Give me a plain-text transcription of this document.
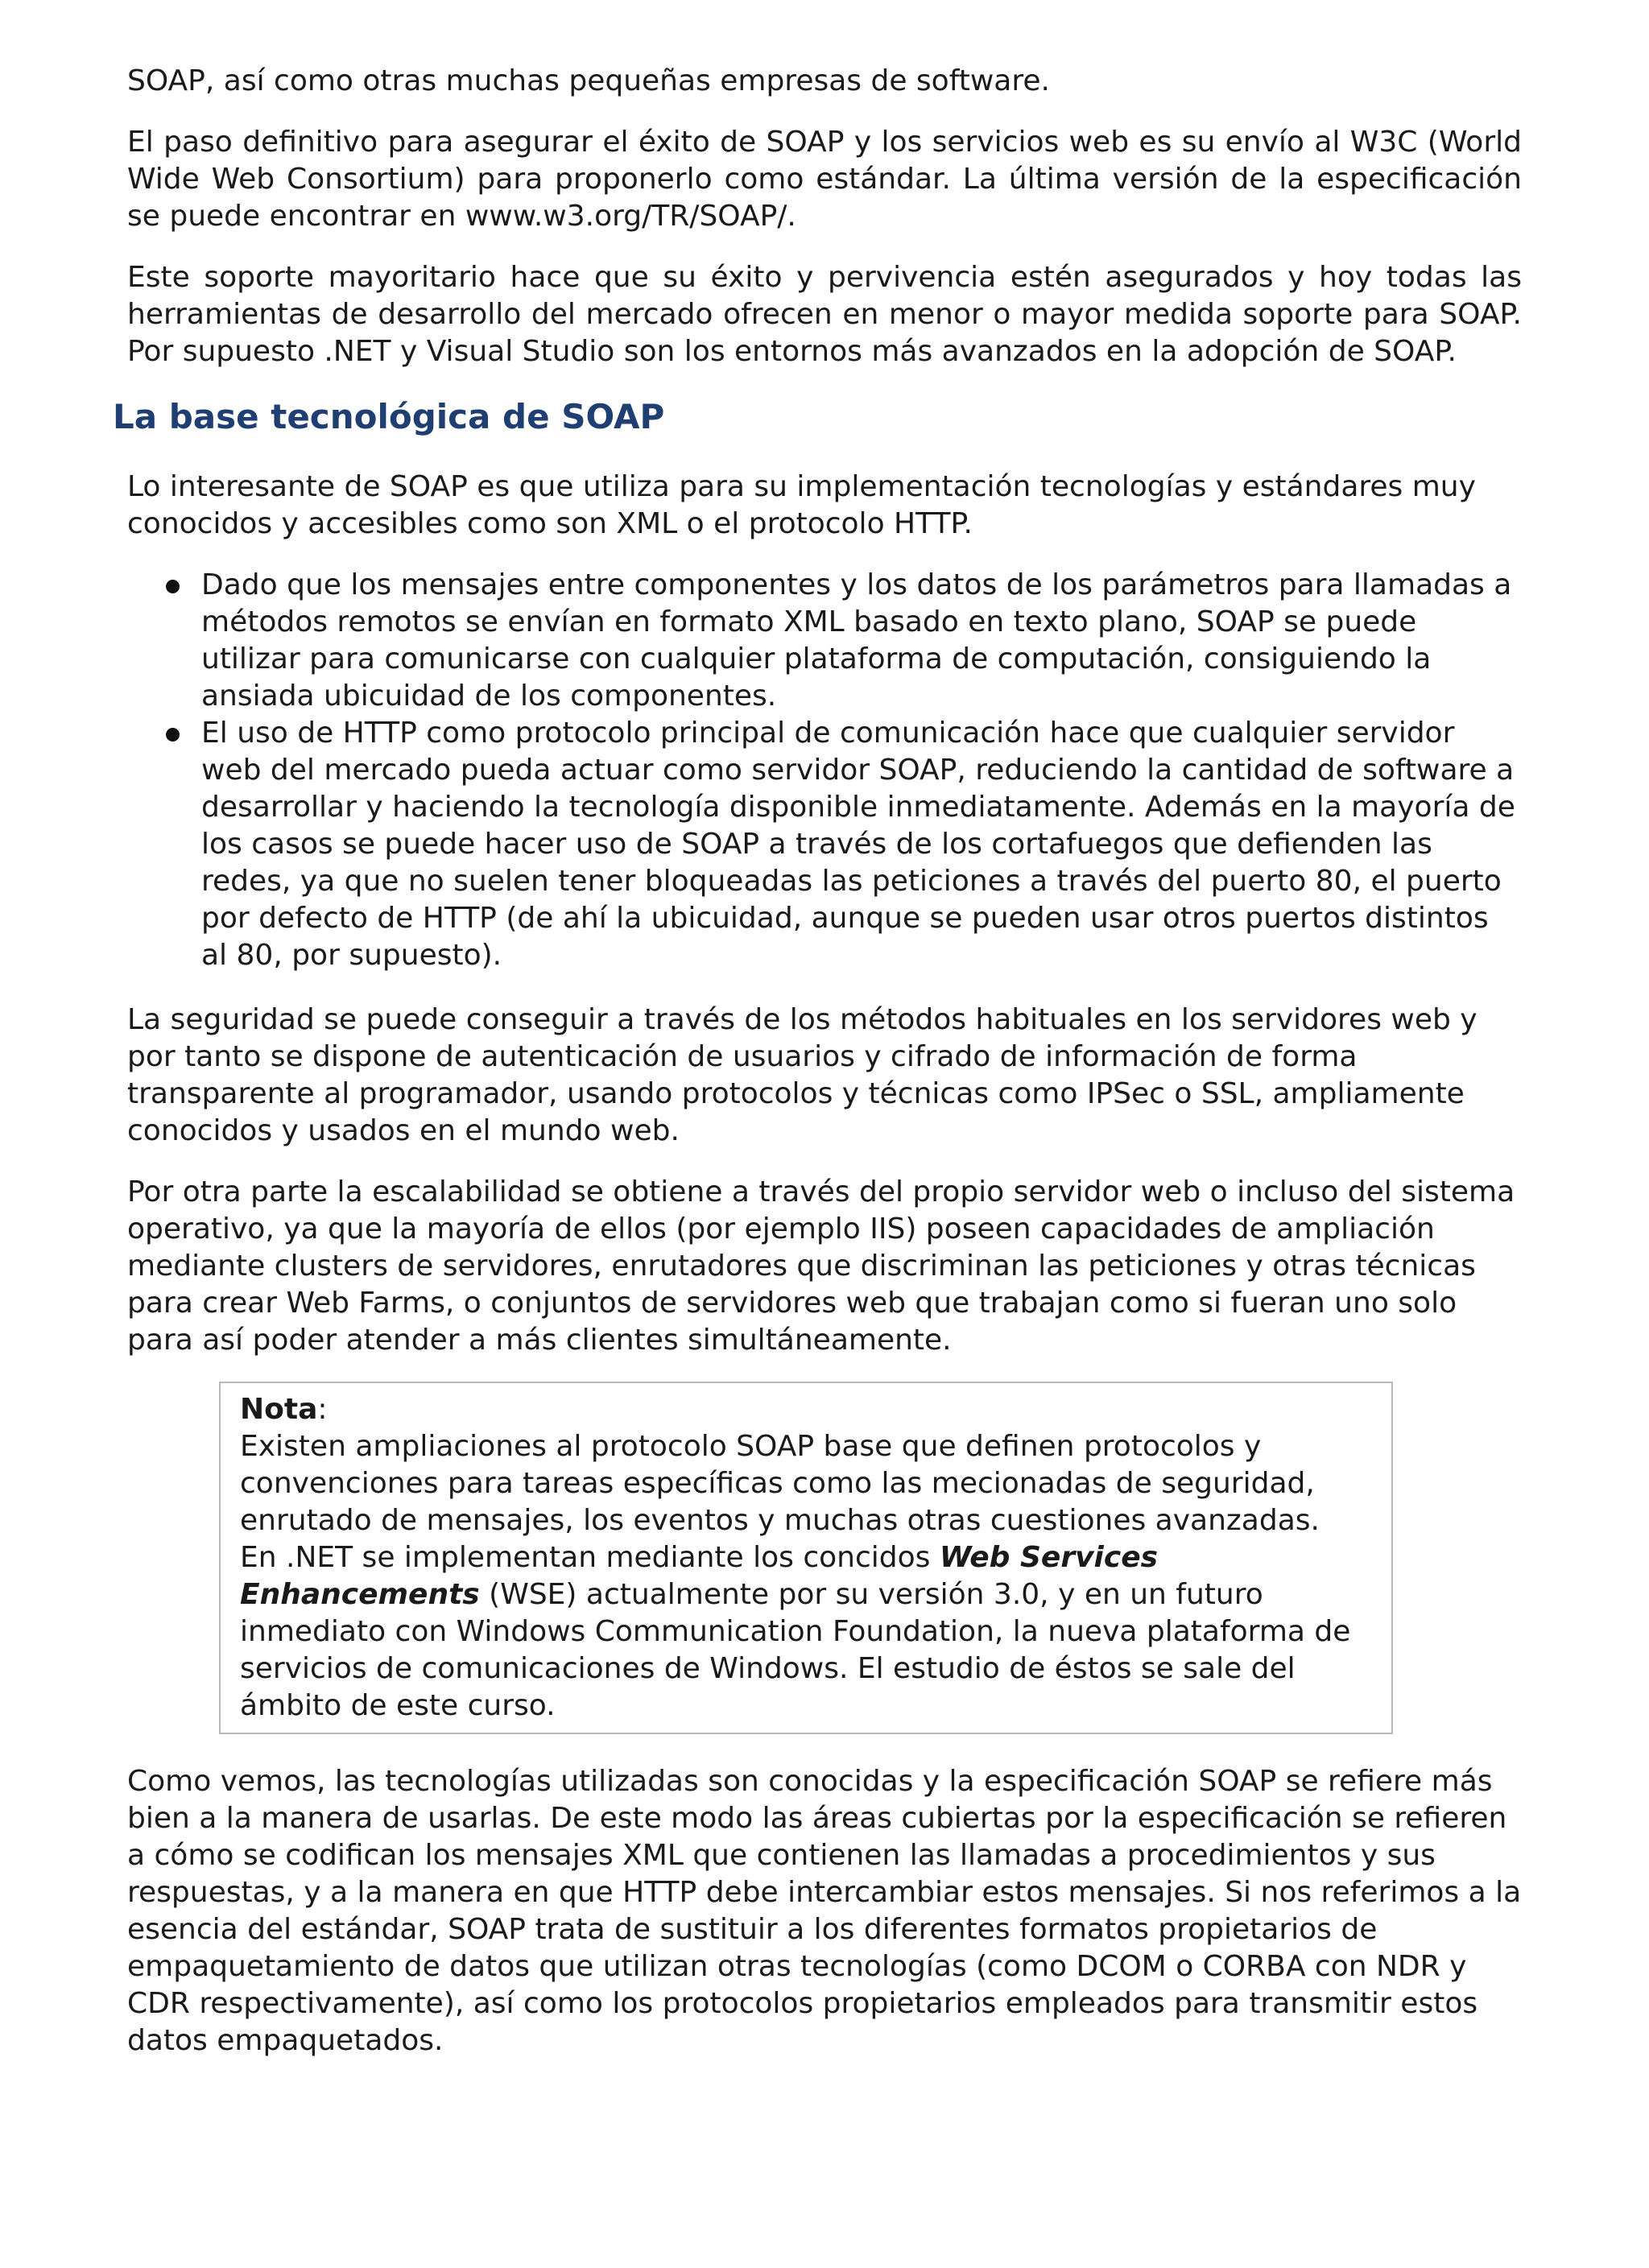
SOAP, así como otras muchas pequeñas empresas de software.

El paso definitivo para asegurar el éxito de SOAP y los servicios web es su envío al W3C (World Wide Web Consortium) para proponerlo como estándar. La última versión de la especificación se puede encontrar en www.w3.org/TR/SOAP/.

Este soporte mayoritario hace que su éxito y pervivencia estén asegurados y hoy todas las herramientas de desarrollo del mercado ofrecen en menor o mayor medida soporte para SOAP. Por supuesto .NET y Visual Studio son los entornos más avanzados en la adopción de SOAP.

La base tecnológica de SOAP

Lo interesante de SOAP es que utiliza para su implementación tecnologías y estándares muy conocidos y accesibles como son XML o el protocolo HTTP.

Dado que los mensajes entre componentes y los datos de los parámetros para llamadas a métodos remotos se envían en formato XML basado en texto plano, SOAP se puede utilizar para comunicarse con cualquier plataforma de computación, consiguiendo la ansiada ubicuidad de los componentes.
El uso de HTTP como protocolo principal de comunicación hace que cualquier servidor web del mercado pueda actuar como servidor SOAP, reduciendo la cantidad de software a desarrollar y haciendo la tecnología disponible inmediatamente. Además en la mayoría de los casos se puede hacer uso de SOAP a través de los cortafuegos que defienden las redes, ya que no suelen tener bloqueadas las peticiones a través del puerto 80, el puerto por defecto de HTTP (de ahí la ubicuidad, aunque se pueden usar otros puertos distintos al 80, por supuesto).

La seguridad se puede conseguir a través de los métodos habituales en los servidores web y por tanto se dispone de autenticación de usuarios y cifrado de información de forma transparente al programador, usando protocolos y técnicas como IPSec o SSL, ampliamente conocidos y usados en el mundo web.

Por otra parte la escalabilidad se obtiene a través del propio servidor web o incluso del sistema operativo, ya que la mayoría de ellos (por ejemplo IIS) poseen capacidades de ampliación mediante clusters de servidores, enrutadores que discriminan las peticiones y otras técnicas para crear Web Farms, o conjuntos de servidores web que trabajan como si fueran uno solo para así poder atender a más clientes simultáneamente.

Nota:
Existen ampliaciones al protocolo SOAP base que definen protocolos y convenciones para tareas específicas como las mecionadas de seguridad, enrutado de mensajes, los eventos y muchas otras cuestiones avanzadas.
En .NET se implementan mediante los concidos Web Services Enhancements (WSE) actualmente por su versión 3.0, y en un futuro inmediato con Windows Communication Foundation, la nueva plataforma de servicios de comunicaciones de Windows. El estudio de éstos se sale del ámbito de este curso.

Como vemos, las tecnologías utilizadas son conocidas y la especificación SOAP se refiere más bien a la manera de usarlas. De este modo las áreas cubiertas por la especificación se refieren a cómo se codifican los mensajes XML que contienen las llamadas a procedimientos y sus respuestas, y a la manera en que HTTP debe intercambiar estos mensajes. Si nos referimos a la esencia del estándar, SOAP trata de sustituir a los diferentes formatos propietarios de empaquetamiento de datos que utilizan otras tecnologías (como DCOM o CORBA con NDR y CDR respectivamente), así como los protocolos propietarios empleados para transmitir estos datos empaquetados.
